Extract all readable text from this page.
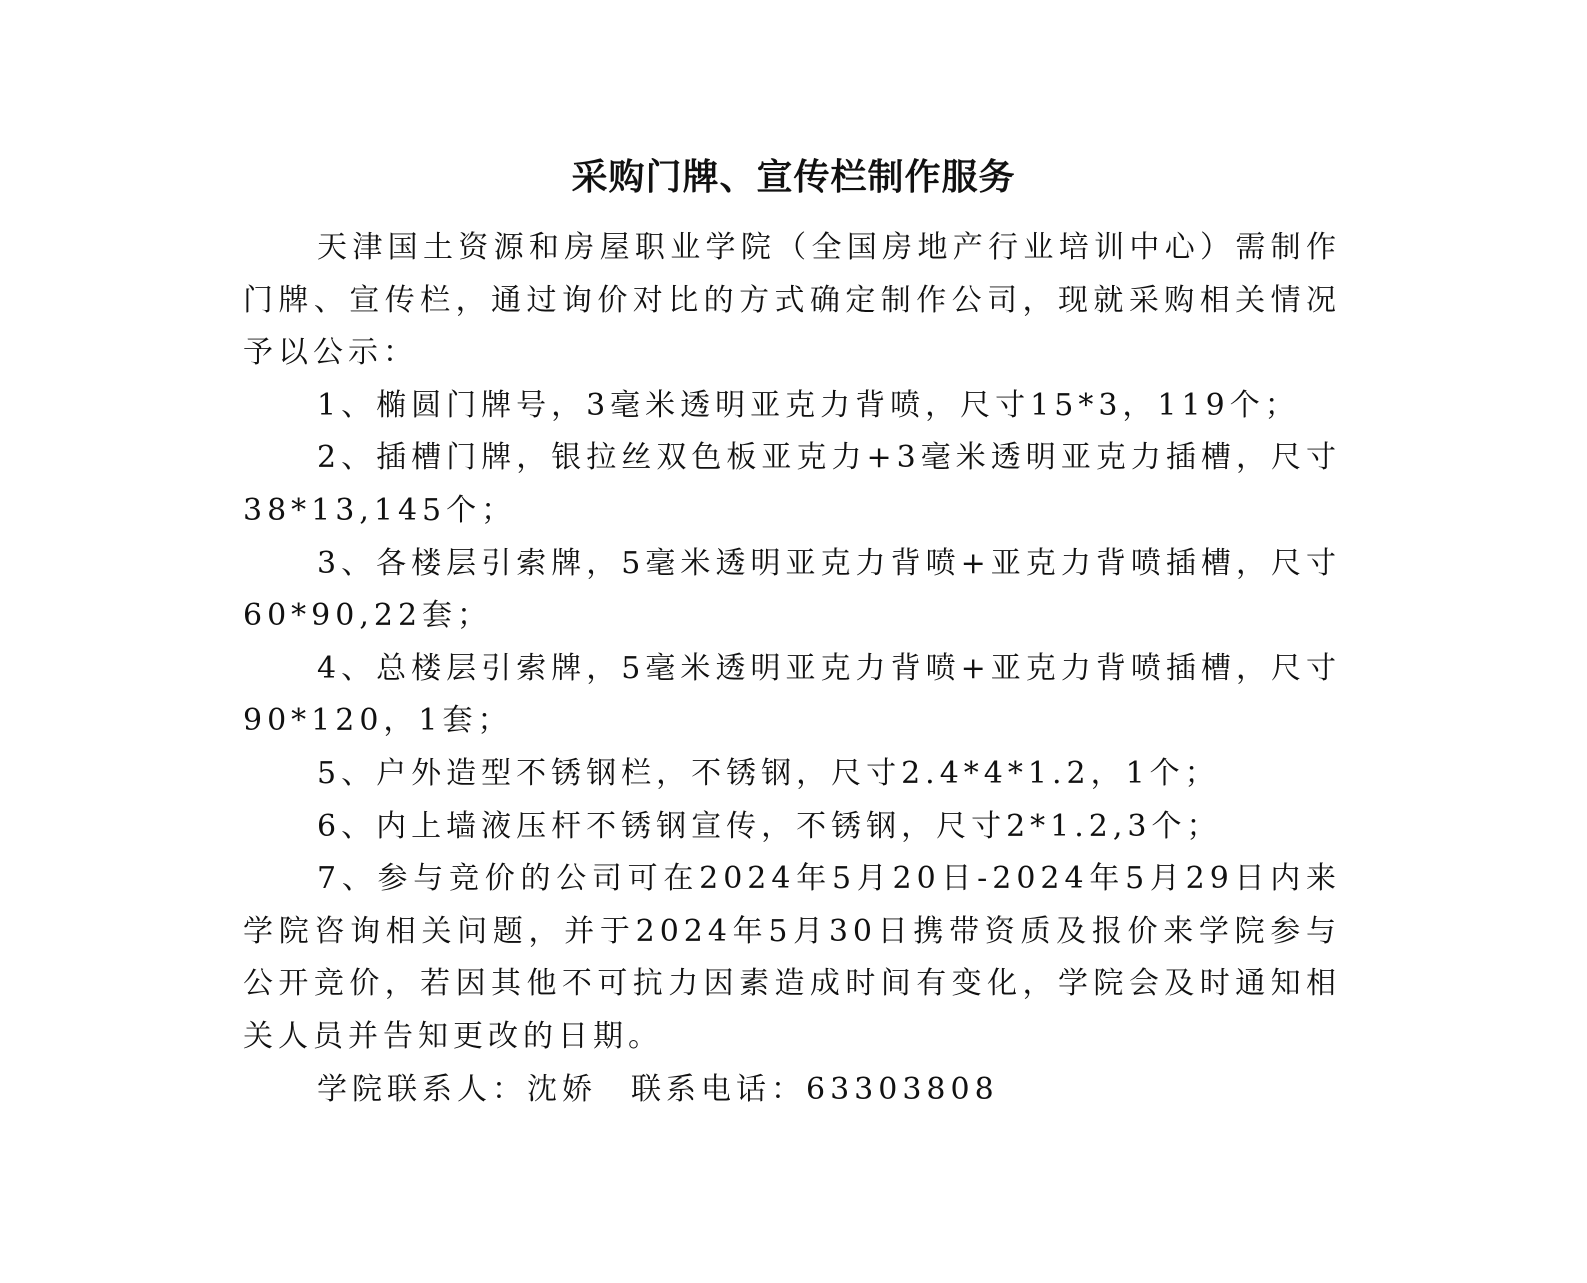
采购门牌、宣传栏制作服务

天津国土资源和房屋职业学院（全国房地产行业培训中心）需制作门牌、宣传栏，通过询价对比的方式确定制作公司，现就采购相关情况予以公示：

1、椭圆门牌号，3毫米透明亚克力背喷，尺寸15*3，119个；

2、插槽门牌，银拉丝双色板亚克力+3毫米透明亚克力插槽，尺寸38*13,145个；

3、各楼层引索牌，5毫米透明亚克力背喷+亚克力背喷插槽，尺寸60*90,22套；

4、总楼层引索牌，5毫米透明亚克力背喷+亚克力背喷插槽，尺寸90*120，1套；

5、户外造型不锈钢栏，不锈钢，尺寸2.4*4*1.2，1个；

6、内上墙液压杆不锈钢宣传，不锈钢，尺寸2*1.2,3个；

7、参与竞价的公司可在2024年5月20日-2024年5月29日内来学院咨询相关问题，并于2024年5月30日携带资质及报价来学院参与公开竞价，若因其他不可抗力因素造成时间有变化，学院会及时通知相关人员并告知更改的日期。

学院联系人：沈娇 联系电话：63303808
